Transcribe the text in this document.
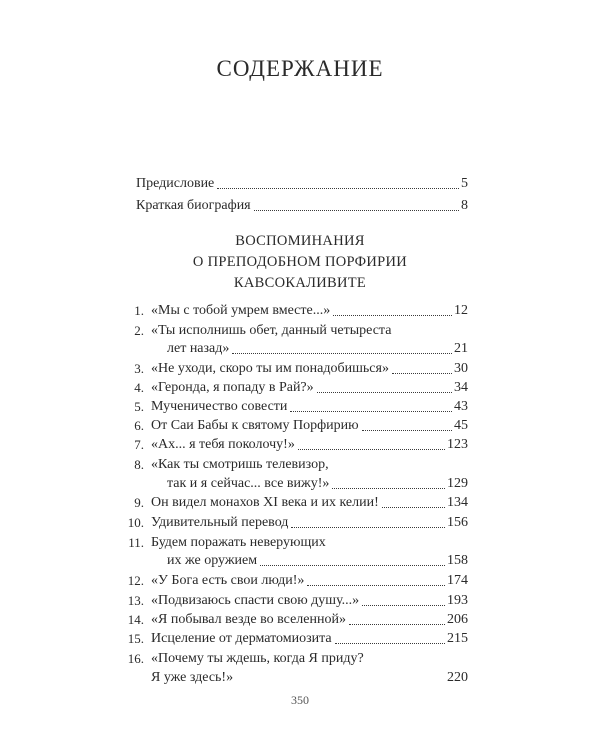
СОДЕРЖАНИЕ
Предисловие	5
Краткая биография	8
ВОСПОМИНАНИЯ
О ПРЕПОДОБНОМ ПОРФИРИИ
КАВСОКАЛИВИТЕ
1. «Мы с тобой умрем вместе...»	12
2. «Ты исполнишь обет, данный четыреста
лет назад»	21
3. «Не уходи, скоро ты им понадобишься»	30
4. «Геронда, я попаду в Рай?»	34
5. Мученичество совести	43
6. От Саи Бабы к святому Порфирию	45
7. «Ах... я тебя поколочу!»	123
8. «Как ты смотришь телевизор,
так и я сейчас... все вижу!»	129
9. Он видел монахов XI века и их келии!	134
10. Удивительный перевод	156
11. Будем поражать неверующих
их же оружием	158
12. «У Бога есть свои люди!»	174
13. «Подвизаюсь спасти свою душу...»	193
14. «Я побывал везде во вселенной»	206
15. Исцеление от дерматомиозита	215
16. «Почему ты ждешь, когда Я приду?
Я уже здесь!»	220
350
